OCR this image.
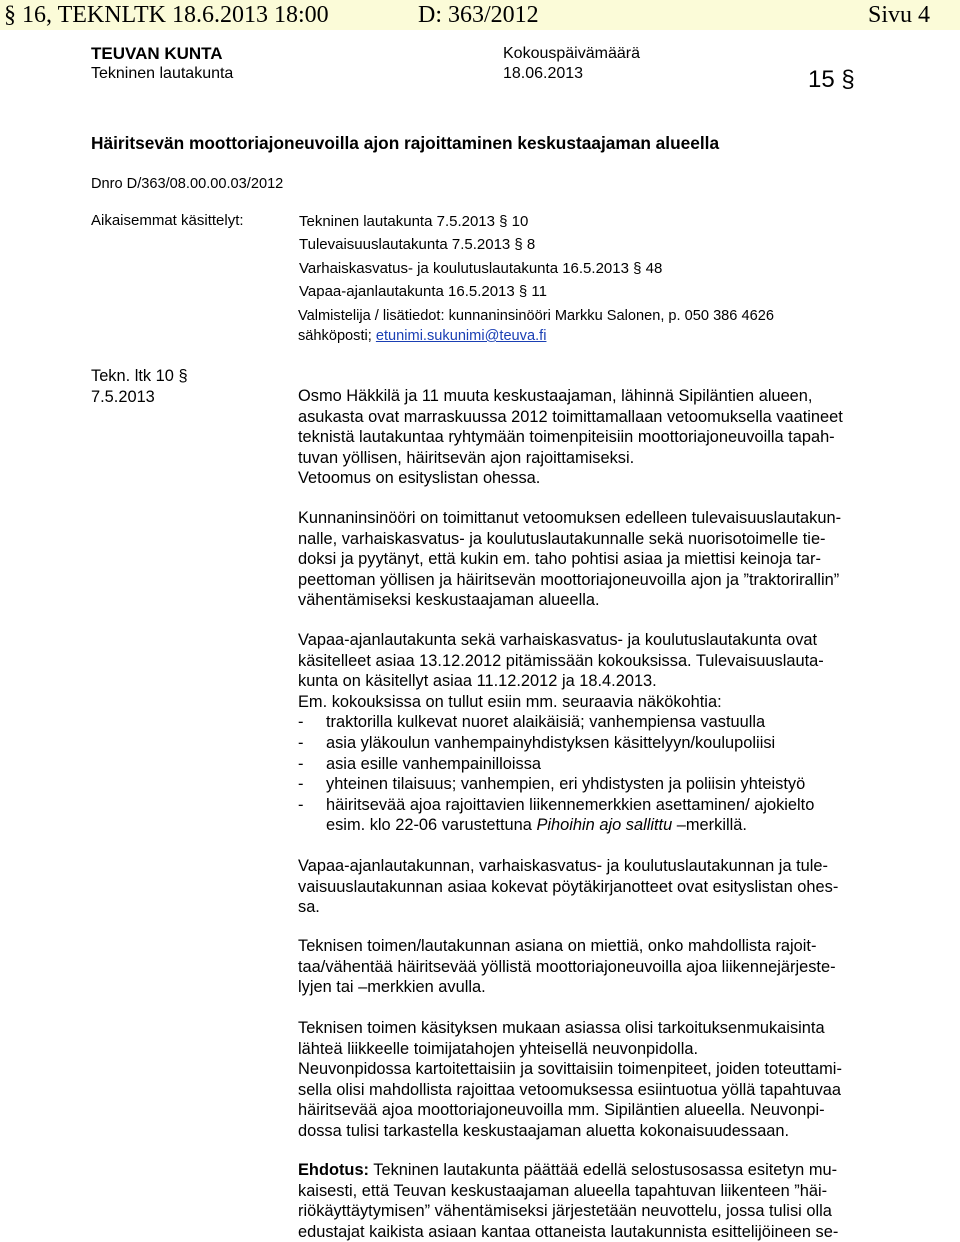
§ 16, TEKNLTK 18.6.2013 18:00	D: 363/2012	Sivu 4
TEUVAN KUNTA	Kokouspäivämäärä
Tekninen lautakunta	18.06.2013	15 §
Häiritsevän moottoriajoneuvoilla ajon rajoittaminen keskustaajaman alueella
Dnro D/363/08.00.00.03/2012
Aikaisemmat käsittelyt:	Tekninen lautakunta 7.5.2013 § 10
Tulevaisuuslautakunta 7.5.2013 § 8
Varhaiskasvatus- ja koulutuslautakunta 16.5.2013 § 48
Vapaa-ajanlautakunta 16.5.2013 § 11
Valmistelija / lisätiedot: kunnaninsinööri Markku Salonen, p. 050 386 4626
sähköposti; etunimi.sukunimi@teuva.fi
Tekn. ltk 10 §
7.5.2013	Osmo Häkkilä ja 11 muuta keskustaajaman, lähinnä Sipiläntien alueen,
asukasta ovat marraskuussa 2012 toimittamallaan vetoomuksella vaatineet
teknistä lautakuntaa ryhtymään toimenpiteisiin moottoriajoneuvoilla tapah-
tuvan yöllisen, häiritsevän ajon rajoittamiseksi.
Vetoomus on esityslistan ohessa.
Kunnaninsinööri on toimittanut vetoomuksen edelleen tulevaisuuslautakun-
nalle, varhaiskasvatus- ja koulutuslautakunnalle sekä nuorisotoimelle tie-
doksi ja pyytänyt, että kukin em. taho pohtisi asiaa ja miettisi keinoja tar-
peettoman yöllisen ja häiritsevän moottoriajoneuvoilla ajon ja ”traktorirallin”
vähentämiseksi keskustaajaman alueella.
Vapaa-ajanlautakunta sekä varhaiskasvatus- ja koulutuslautakunta ovat
käsitelleet asiaa 13.12.2012 pitämissään kokouksissa. Tulevaisuuslauta-
kunta on käsitellyt asiaa 11.12.2012 ja 18.4.2013.
Em. kokouksissa on tullut esiin mm. seuraavia näkökohtia:
- traktorilla kulkevat nuoret alaikäisiä; vanhempiensa vastuulla
- asia yläkoulun vanhempainyhdistyksen käsittelyyn/koulupoliisi
- asia esille vanhempainilloissa
- yhteinen tilaisuus; vanhempien, eri yhdistysten ja poliisin yhteistyö
- häiritsevää ajoa rajoittavien liikennemerkkien asettaminen/ ajokielto
esim. klo 22-06 varustettuna Pihoihin ajo sallittu –merkillä.
Vapaa-ajanlautakunnan, varhaiskasvatus- ja koulutuslautakunnan ja tule-
vaisuuslautakunnan asiaa kokevat pöytäkirjanotteet ovat esityslistan ohes-
sa.
Teknisen toimen/lautakunnan asiana on miettiä, onko mahdollista rajoit-
taa/vähentää häiritsevää yöllistä moottoriajoneuvoilla ajoa liikennejärjeste-
lyjen tai –merkkien avulla.
Teknisen toimen käsityksen mukaan asiassa olisi tarkoituksenmukaisinta
lähteä liikkeelle toimijatahojen yhteisellä neuvonpidolla.
Neuvonpidossa kartoitettaisiin ja sovittaisiin toimenpiteet, joiden toteuttami-
sella olisi mahdollista rajoittaa vetoomuksessa esiintuotua yöllä tapahtuvaa
häiritsevää ajoa moottoriajoneuvoilla mm. Sipiläntien alueella. Neuvonpi-
dossa tulisi tarkastella keskustaajaman aluetta kokonaisuudessaan.
Ehdotus: Tekninen lautakunta päättää edellä selostusosassa esitetyn mu-
kaisesti, että Teuvan keskustaajaman alueella tapahtuvan liikenteen ”häi-
riökäyttäytymisen” vähentämiseksi järjestetään neuvottelu, jossa tulisi olla
edustajat kaikista asiaan kantaa ottaneista lautakunnista esittelijöineen se-
